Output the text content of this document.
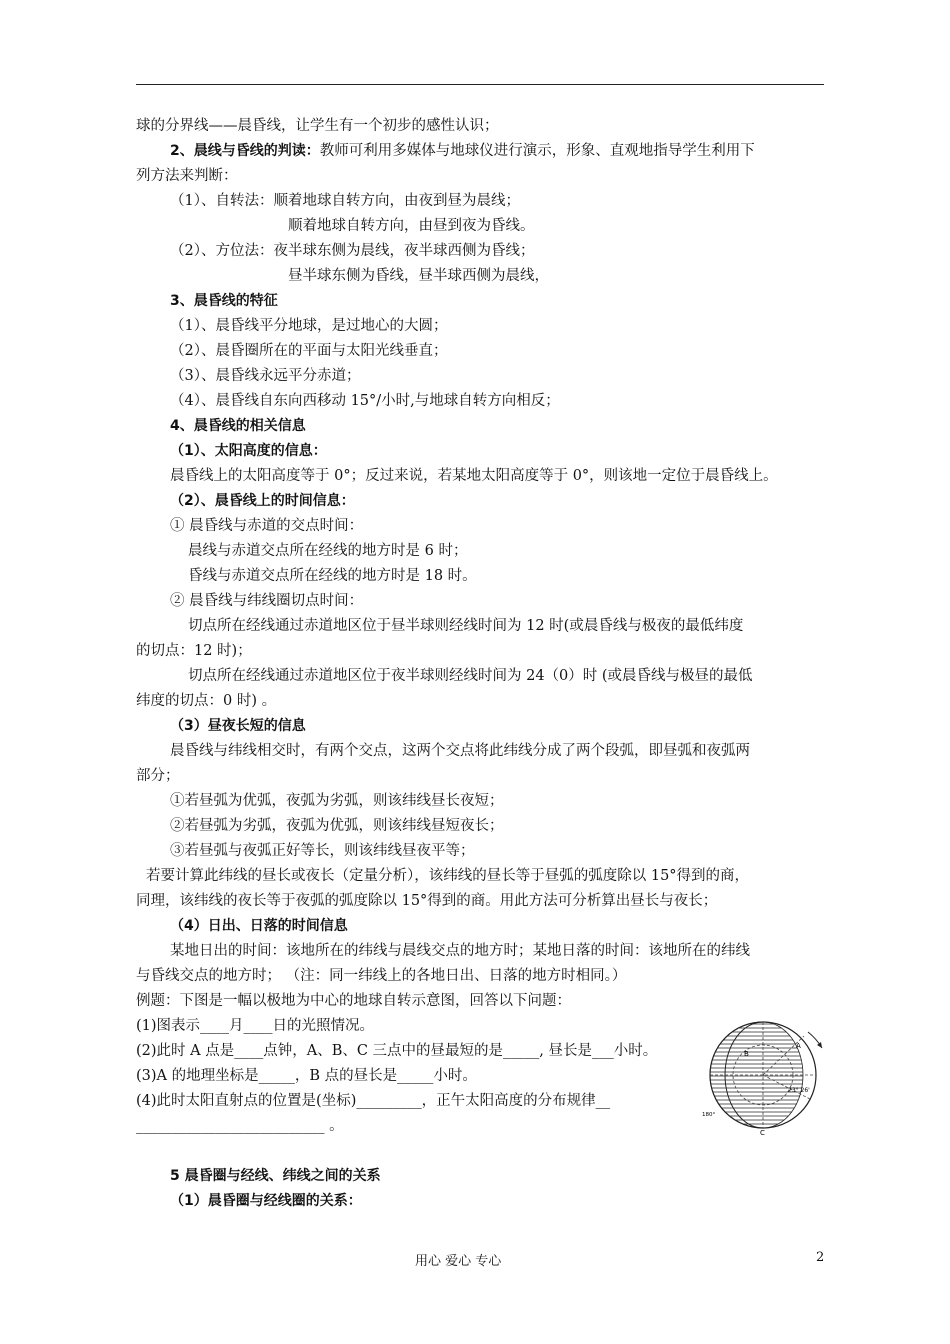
球的分界线——晨昏线，让学生有一个初步的感性认识；
2、晨线与昏线的判读：教师可利用多媒体与地球仪进行演示，形象、直观地指导学生利用下
列方法来判断：
（1）、自转法：顺着地球自转方向，由夜到昼为晨线；
顺着地球自转方向，由昼到夜为昏线。
（2）、方位法：夜半球东侧为晨线，夜半球西侧为昏线；
昼半球东侧为昏线，昼半球西侧为晨线，
3、晨昏线的特征
（1）、晨昏线平分地球，是过地心的大圆；
（2）、晨昏圈所在的平面与太阳光线垂直；
（3）、晨昏线永远平分赤道；
（4）、晨昏线自东向西移动 15°/小时,与地球自转方向相反；
4、晨昏线的相关信息
（1）、太阳高度的信息：
晨昏线上的太阳高度等于 0°；反过来说，若某地太阳高度等于 0°，则该地一定位于晨昏线上。
（2）、晨昏线上的时间信息：
① 晨昏线与赤道的交点时间：
晨线与赤道交点所在经线的地方时是 6 时；
昏线与赤道交点所在经线的地方时是 18 时。
② 晨昏线与纬线圈切点时间：
切点所在经线通过赤道地区位于昼半球则经线时间为 12 时(或晨昏线与极夜的最低纬度
的切点：12 时)；
切点所在经线通过赤道地区位于夜半球则经线时间为 24（0）时 (或晨昏线与极昼的最低
纬度的切点：0 时) 。
（3）昼夜长短的信息
晨昏线与纬线相交时，有两个交点，这两个交点将此纬线分成了两个段弧，即昼弧和夜弧两
部分；
①若昼弧为优弧，夜弧为劣弧，则该纬线昼长夜短；
②若昼弧为劣弧，夜弧为优弧，则该纬线昼短夜长；
③若昼弧与夜弧正好等长，则该纬线昼夜平等；
若要计算此纬线的昼长或夜长（定量分析），该纬线的昼长等于昼弧的弧度除以 15°得到的商，
同理，该纬线的夜长等于夜弧的弧度除以 15°得到的商。用此方法可分析算出昼长与夜长；
（4）日出、日落的时间信息
某地日出的时间：该地所在的纬线与晨线交点的地方时；某地日落的时间：该地所在的纬线
与昏线交点的地方时； （注：同一纬线上的各地日出、日落的地方时相同。）
例题：下图是一幅以极地为中心的地球自转示意图，回答以下问题：
(1)图表示____月____日的光照情况。
(2)此时 A 点是____点钟，A、B、C 三点中的昼最短的是_____, 昼长是___小时。
(3)A 的地理坐标是_____，B 点的昼长是_____小时。
(4)此时太阳直射点的位置是(坐标)_________，正午太阳高度的分布规律__
__________________________ 。
5 晨昏圈与经线、纬线之间的关系
（1）晨昏圈与经线圈的关系：
A
B
C
23° 26'
180°
用心 爱心 专心	2
